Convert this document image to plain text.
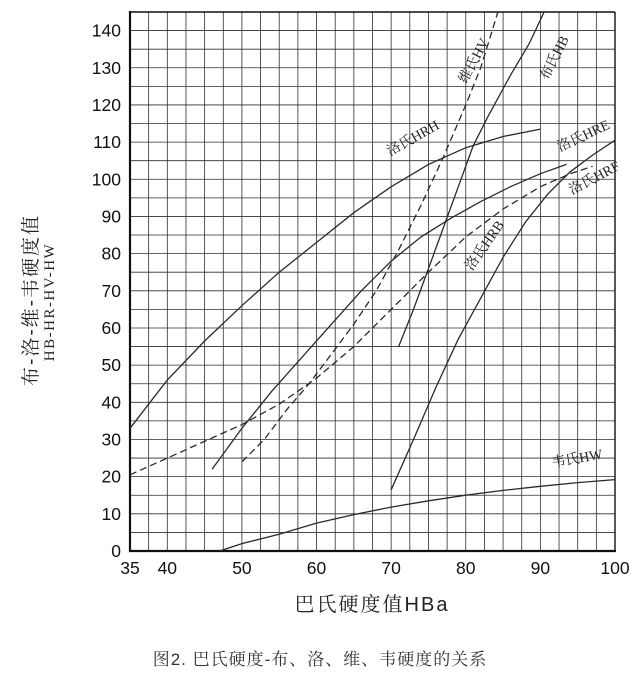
0
10
20
30
40
50
60
70
80
90
100
110
120
130
140
35 40	50	60	70	80	90	100
洛氏HRH	洛氏HRE
洛氏HRF
洛氏HRB
维氏HV	布氏HB
韦氏HW
布-洛-维-韦硬度值 HB-HR-HV-HW
巴氏硬度值HBa
图2. 巴氏硬度-布、洛、维、韦硬度的关系
